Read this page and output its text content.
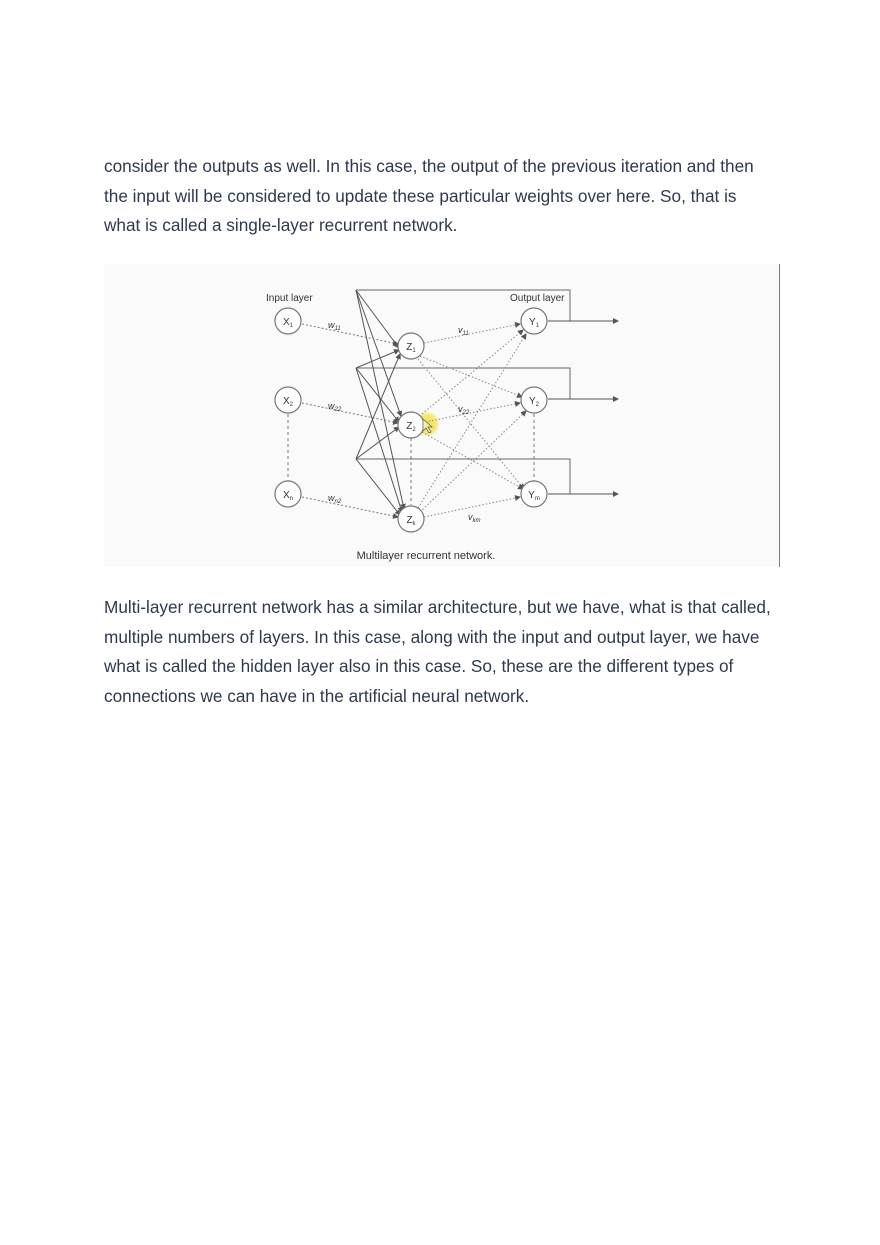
consider the outputs as well. In this case, the output of the previous iteration and then
the input will be considered to update these particular weights over here. So, that is
what is called a single-layer recurrent network.

Input layer	Output layer
$X_1$
$X_2$
$X_n$
$Z_1$
$Z_2$
$Z_k$
$Y_1$
$Y_2$
$Y_m$
$w_{11}$
$w_{22}$
$w_{n2}$
$v_{11}$
$v_{22}$
$v_{km}$
Multilayer recurrent network.

Multi-layer recurrent network has a similar architecture, but we have, what is that called,
multiple numbers of layers. In this case, along with the input and output layer, we have
what is called the hidden layer also in this case. So, these are the different types of
connections we can have in the artificial neural network.
